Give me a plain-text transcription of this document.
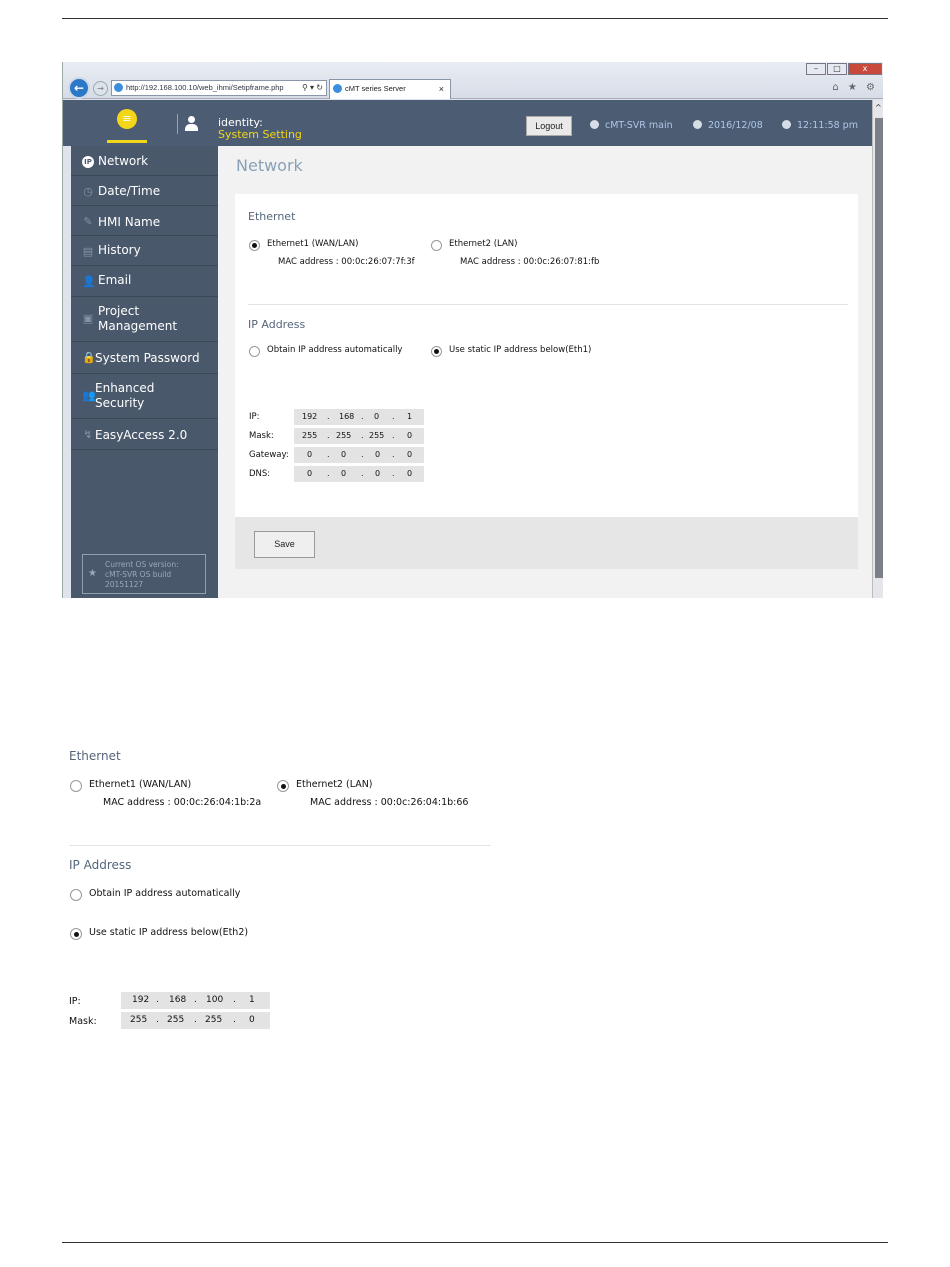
–	□	x
←	→	http://192.168.100.10/web_ihmi/Setipframe.php ⚲ ▾ ↻	cMT series Server	×	⌂ ★ ⚙
≡	identity:
System Setting
Logout	cMT-SVR main	2016/12/08	12:11:58 pm
^
IP Network
◷ Date/Time
✎ HMI Name
▤ History
👤 Email
▣
Project
Management
🔒 System Password
👥
Enhanced
Security
↯ EasyAccess 2.0
★
Current OS version:
cMT-SVR OS build
20151127
Network
Ethernet
Ethernet1 (WAN/LAN)
MAC address : 00:0c:26:07:7f:3f
Ethernet2 (LAN)
MAC address : 00:0c:26:07:81:fb
IP Address
Obtain IP address automatically	Use static IP address below(Eth1)
IP:	192 . 168 . 0 . 1
Mask:	255 . 255 . 255 . 0
Gateway: 0 . 0 . 0 . 0
DNS:	0 . 0 . 0 . 0
Save
Ethernet
Ethernet1 (WAN/LAN)
MAC address : 00:0c:26:04:1b:2a
Ethernet2 (LAN)
MAC address : 00:0c:26:04:1b:66
IP Address
Obtain IP address automatically
Use static IP address below(Eth2)
IP:	192 . 168 . 100 . 1
Mask:	255 . 255 . 255 . 0
